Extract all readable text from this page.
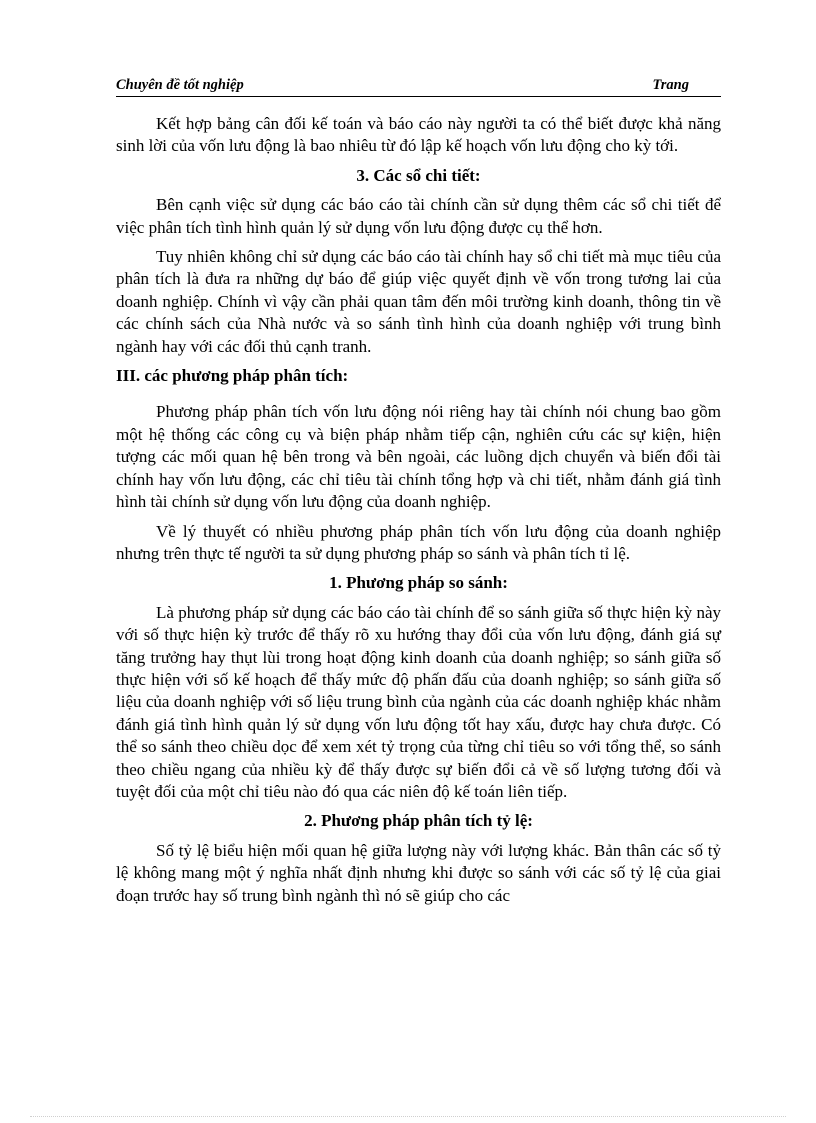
Chuyên đề tốt nghiệp	Trang

Kết hợp bảng cân đối kế toán và báo cáo này người ta có thể biết được khả năng sinh lời của vốn lưu động là bao nhiêu từ đó lập kế hoạch vốn lưu động cho kỳ tới.

3. Các sổ chi tiết:

Bên cạnh việc sử dụng các báo cáo tài chính cần sử dụng thêm các sổ chi tiết để việc phân tích tình hình quản lý sử dụng vốn lưu động được cụ thể hơn.

Tuy nhiên không chỉ sử dụng các báo cáo tài chính hay sổ chi tiết mà mục tiêu của phân tích là đưa ra những dự báo để giúp việc quyết định về vốn trong tương lai của doanh nghiệp. Chính vì vậy cần phải quan tâm đến môi trường kinh doanh, thông tin về các chính sách của Nhà nước và so sánh tình hình của doanh nghiệp với trung bình ngành hay với các đối thủ cạnh tranh.

III. các phương pháp phân tích:

Phương pháp phân tích vốn lưu động nói riêng hay tài chính nói chung bao gồm một hệ thống các công cụ và biện pháp nhằm tiếp cận, nghiên cứu các sự kiện, hiện tượng các mối quan hệ bên trong và bên ngoài, các luồng dịch chuyển và biến đổi tài chính hay vốn lưu động, các chỉ tiêu tài chính tổng hợp và chi tiết, nhằm đánh giá tình hình tài chính sử dụng vốn lưu động của doanh nghiệp.

Về lý thuyết có nhiều phương pháp phân tích vốn lưu động của doanh nghiệp nhưng trên thực tế người ta sử dụng phương pháp so sánh và phân tích tỉ lệ.

1. Phương pháp so sánh:

Là phương pháp sử dụng các báo cáo tài chính để so sánh giữa số thực hiện kỳ này với số thực hiện kỳ trước để thấy rõ xu hướng thay đổi của vốn lưu động, đánh giá sự tăng trưởng hay thụt lùi trong hoạt động kinh doanh của doanh nghiệp; so sánh giữa số thực hiện với số kế hoạch để thấy mức độ phấn đấu của doanh nghiệp; so sánh giữa số liệu của doanh nghiệp với số liệu trung bình của ngành của các doanh nghiệp khác nhằm đánh giá tình hình quản lý sử dụng vốn lưu động tốt hay xấu, được hay chưa được. Có thể so sánh theo chiều dọc để xem xét tỷ trọng của từng chỉ tiêu so với tổng thể, so sánh theo chiều ngang của nhiều kỳ để thấy được sự biến đổi cả về số lượng tương đối và tuyệt đối của một chỉ tiêu nào đó qua các niên độ kế toán liên tiếp.

2. Phương pháp phân tích tỷ lệ:

Số tỷ lệ biểu hiện mối quan hệ giữa lượng này với lượng khác. Bản thân các số tỷ lệ không mang một ý nghĩa nhất định nhưng khi được so sánh với các số tỷ lệ của giai đoạn trước hay số trung bình ngành thì nó sẽ giúp cho các
